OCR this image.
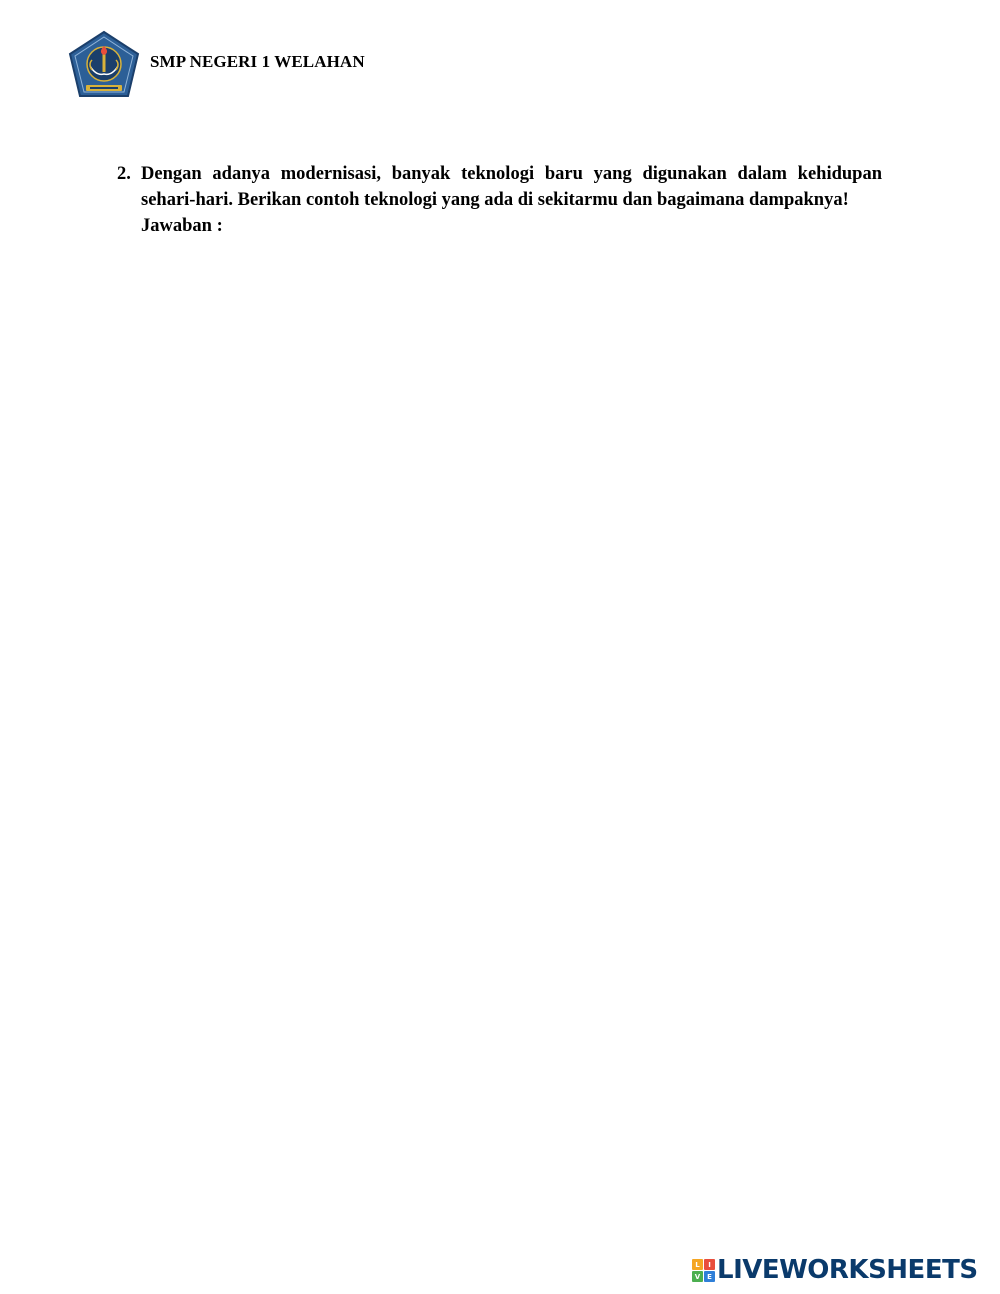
SMP NEGERI 1 WELAHAN
2. Dengan adanya modernisasi, banyak teknologi baru yang digunakan dalam kehidupan sehari-hari. Berikan contoh teknologi yang ada di sekitarmu dan bagaimana dampaknya!

Jawaban :

L	I
V E LIVEWORKSHEETS
